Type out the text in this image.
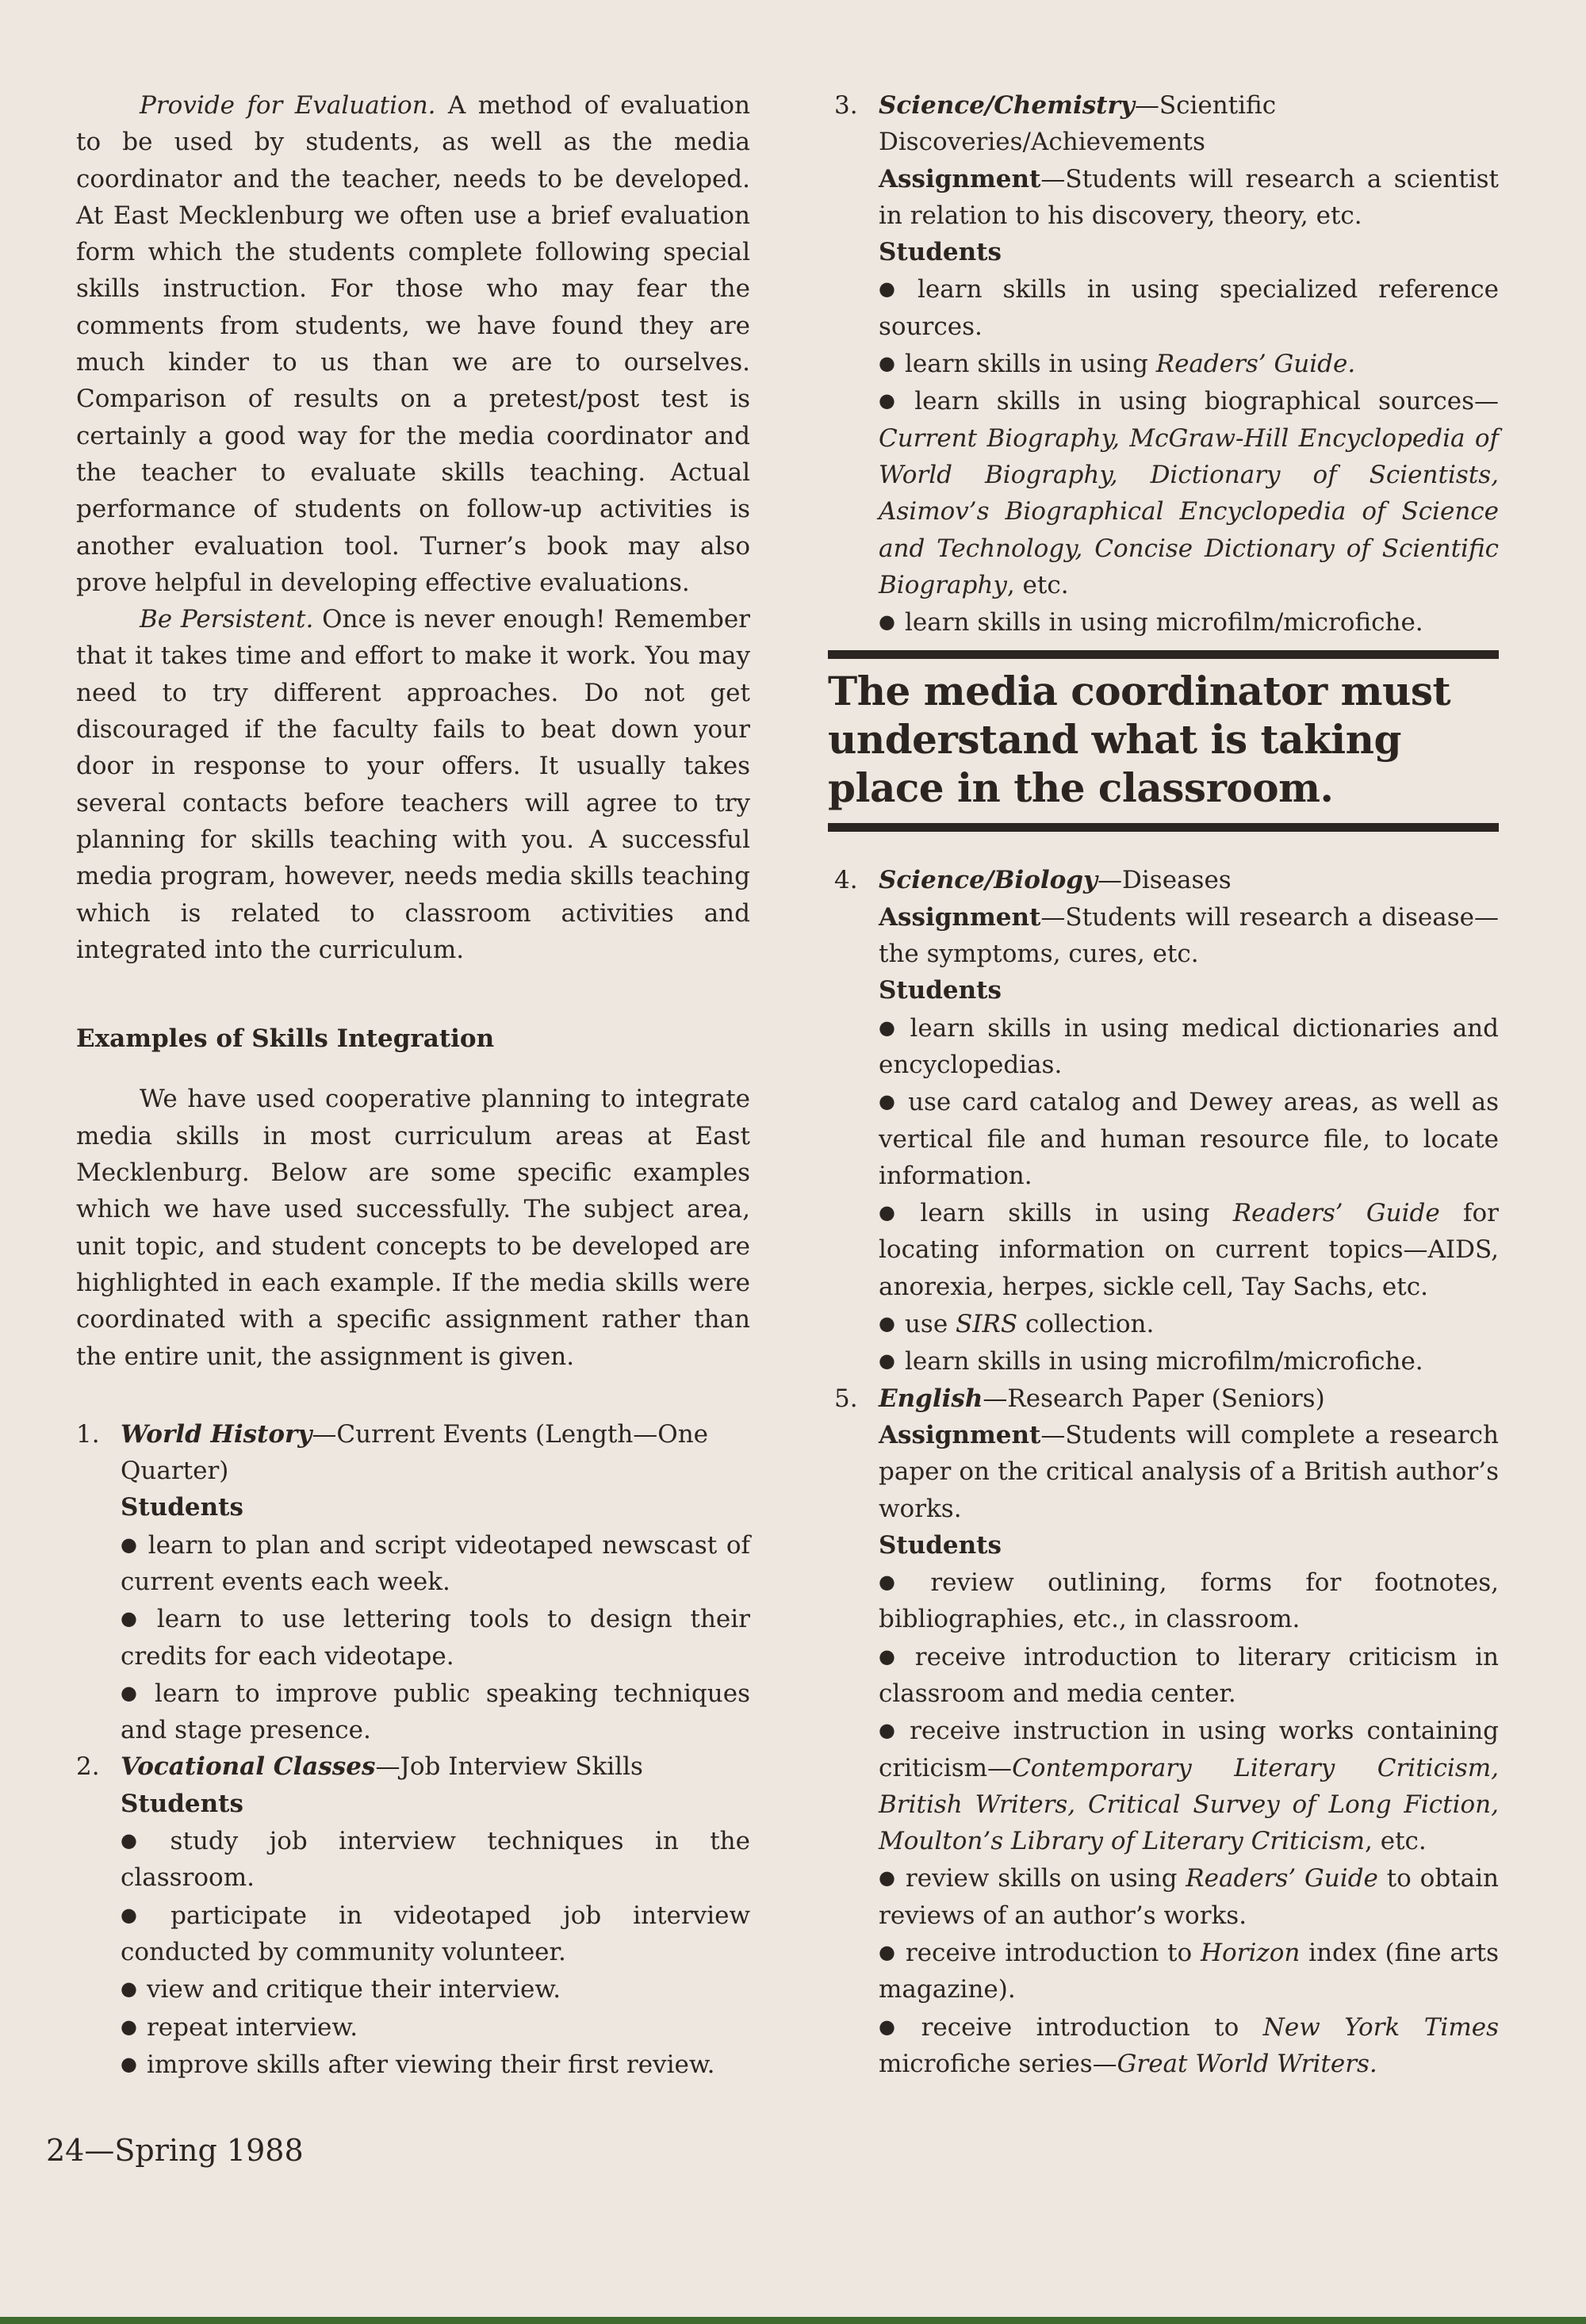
Provide for Evaluation. A method of evaluation to be used by students, as well as the media coordinator and the teacher, needs to be developed. At East Mecklenburg we often use a brief evaluation form which the students complete following special skills instruction. For those who may fear the comments from students, we have found they are much kinder to us than we are to ourselves. Comparison of results on a pretest/post test is certainly a good way for the media coordinator and the teacher to evaluate skills teaching. Actual performance of students on follow-up activities is another evaluation tool. Turner’s book may also prove helpful in developing effective evaluations.

Be Persistent. Once is never enough! Remember that it takes time and effort to make it work. You may need to try different approaches. Do not get discouraged if the faculty fails to beat down your door in response to your offers. It usually takes several contacts before teachers will agree to try planning for skills teaching with you. A successful media program, however, needs media skills teaching which is related to classroom activities and integrated into the curriculum.

Examples of Skills Integration

We have used cooperative planning to integrate media skills in most curriculum areas at East Mecklenburg. Below are some specific examples which we have used successfully. The subject area, unit topic, and student concepts to be developed are highlighted in each example. If the media skills were coordinated with a specific assignment rather than the entire unit, the assignment is given.

1. World History—Current Events (Length—One Quarter)
Students
● learn to plan and script videotaped newscast of current events each week.
● learn to use lettering tools to design their credits for each videotape.
● learn to improve public speaking techniques and stage presence.
2. Vocational Classes—Job Interview Skills
Students
● study job interview techniques in the classroom.
● participate in videotaped job interview conducted by community volunteer.
● view and critique their interview.
● repeat interview.
● improve skills after viewing their first review.
3. Science/Chemistry—Scientific Discoveries/Achievements
Assignment—Students will research a scientist in relation to his discovery, theory, etc.
Students
● learn skills in using specialized reference sources.
● learn skills in using Readers’ Guide.
● learn skills in using biographical sources—Current Biography, McGraw-Hill Encyclopedia of World Biography, Dictionary of Scientists, Asimov’s Biographical Encyclopedia of Science and Technology, Concise Dictionary of Scientific Biography, etc.
● learn skills in using microfilm/microfiche.
The media coordinator must understand what is taking place in the classroom.
4. Science/Biology—Diseases
Assignment—Students will research a disease—the symptoms, cures, etc.
Students
● learn skills in using medical dictionaries and encyclopedias.
● use card catalog and Dewey areas, as well as vertical file and human resource file, to locate information.
● learn skills in using Readers’ Guide for locating information on current topics—AIDS, anorexia, herpes, sickle cell, Tay Sachs, etc.
● use SIRS collection.
● learn skills in using microfilm/microfiche.
5. English—Research Paper (Seniors)
Assignment—Students will complete a research paper on the critical analysis of a British author’s works.
Students
● review outlining, forms for footnotes, bibliographies, etc., in classroom.
● receive introduction to literary criticism in classroom and media center.
● receive instruction in using works containing criticism—Contemporary Literary Criticism, British Writers, Critical Survey of Long Fiction, Moulton’s Library of Literary Criticism, etc.
● review skills on using Readers’ Guide to obtain reviews of an author’s works.
● receive introduction to Horizon index (fine arts magazine).
● receive introduction to New York Times microfiche series—Great World Writers.
24—Spring 1988
